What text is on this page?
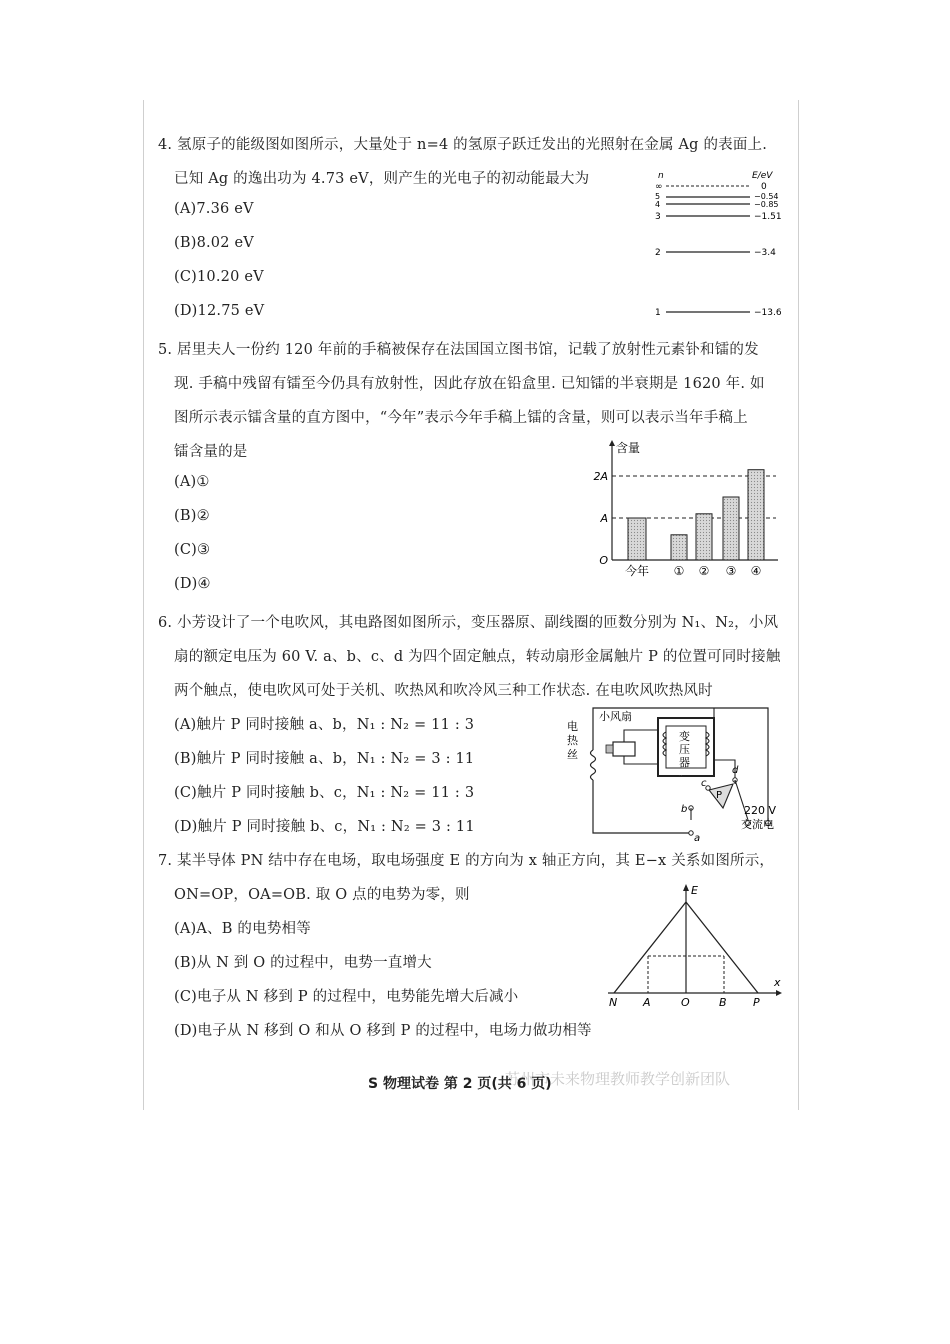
4. 氢原子的能级图如图所示，大量处于 n=4 的氢原子跃迁发出的光照射在金属 Ag 的表面上.
已知 Ag 的逸出功为 4.73 eV，则产生的光电子的初动能最大为
(A)7.36 eV
(B)8.02 eV
(C)10.20 eV
(D)12.75 eV
n	E/eV
∞
5
4
3
2
1
0
−0.54
−0.85
−1.51
−3.4
−13.6
5. 居里夫人一份约 120 年前的手稿被保存在法国国立图书馆，记载了放射性元素钋和镭的发
现. 手稿中残留有镭至今仍具有放射性，因此存放在铅盒里. 已知镭的半衰期是 1620 年. 如
图所示表示镭含量的直方图中，“今年”表示今年手稿上镭的含量，则可以表示当年手稿上
镭含量的是
(A)①
(B)②
(C)③
(D)④
含量
O
A
2A
今年 ① ② ③ ④
6. 小芳设计了一个电吹风，其电路图如图所示，变压器原、副线圈的匝数分别为 N₁、N₂，小风
扇的额定电压为 60 V. a、b、c、d 为四个固定触点，转动扇形金属触片 P 的位置可同时接触
两个触点，使电吹风可处于关机、吹热风和吹冷风三种工作状态. 在电吹风吹热风时
(A)触片 P 同时接触 a、b，N₁ : N₂ = 11 : 3
(B)触片 P 同时接触 a、b，N₁ : N₂ = 3 : 11
(C)触片 P 同时接触 b、c，N₁ : N₂ = 11 : 3
(D)触片 P 同时接触 b、c，N₁ : N₂ = 3 : 11
电
热
丝
电热丝
小风扇
变
压
器
变压器
P
c
d
b
a
220 V
交流电
7. 某半导体 PN 结中存在电场，取电场强度 E 的方向为 x 轴正方向，其 E−x 关系如图所示，
ON=OP，OA=OB. 取 O 点的电势为零，则
(A)A、B 的电势相等
(B)从 N 到 O 的过程中，电势一直增大
(C)电子从 N 移到 P 的过程中，电势能先增大后减小
(D)电子从 N 移到 O 和从 O 移到 P 的过程中，电场力做功相等
E
x
N A	O	B P
苏州市未来物理教师教学创新团队
S 物理试卷 第 2 页(共 6 页)
